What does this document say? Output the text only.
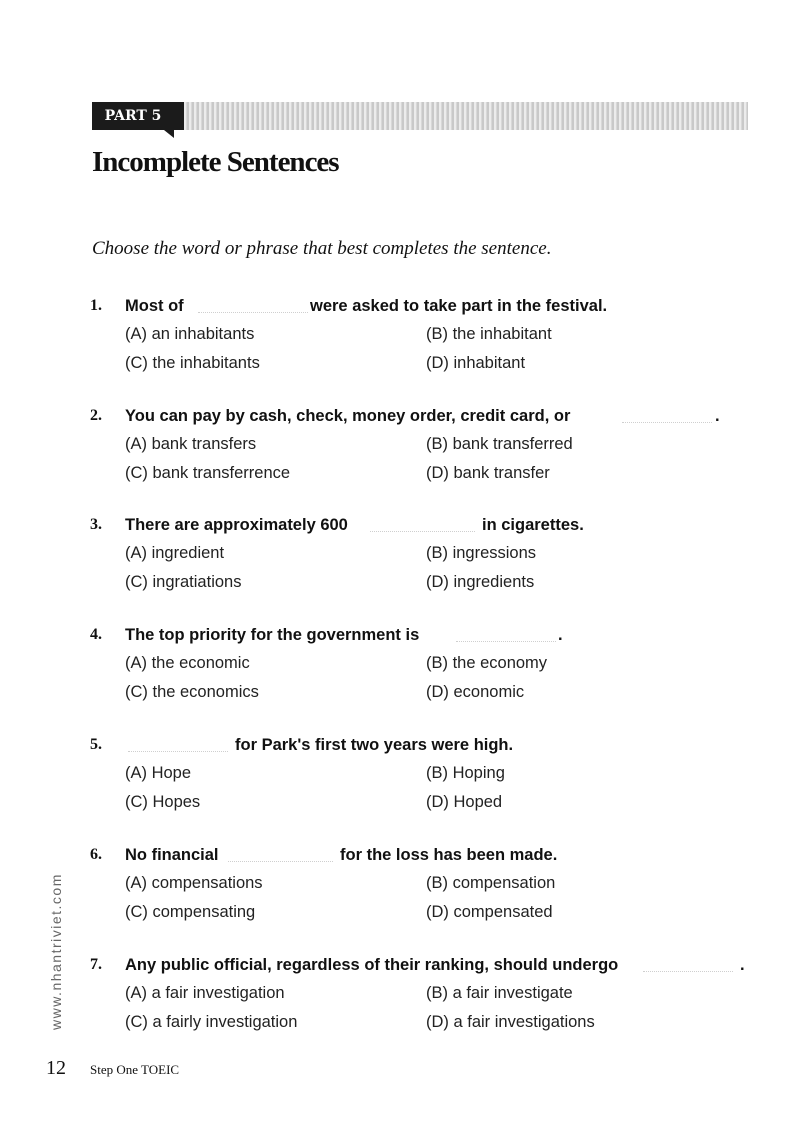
PART 5
Incomplete Sentences
Choose the word or phrase that best completes the sentence.
1. Most of	were asked to take part in the festival.
(A) an inhabitants	(B) the inhabitant
(C) the inhabitants	(D) inhabitant
2. You can pay by cash, check, money order, credit card, or	.
(A) bank transfers	(B) bank transferred
(C) bank transferrence	(D) bank transfer
3. There are approximately 600	in cigarettes.
(A) ingredient	(B) ingressions
(C) ingratiations	(D) ingredients
4. The top priority for the government is	.
(A) the economic	(B) the economy
(C) the economics	(D) economic
5.	for Park's first two years were high.
(A) Hope	(B) Hoping
(C) Hopes	(D) Hoped
6. No financial	for the loss has been made.
(A) compensations	(B) compensation
(C) compensating	(D) compensated
7. Any public official, regardless of their ranking, should undergo	.
(A) a fair investigation	(B) a fair investigate
(C) a fairly investigation	(D) a fair investigations
www.nhantriviet.com
12 Step One TOEIC
